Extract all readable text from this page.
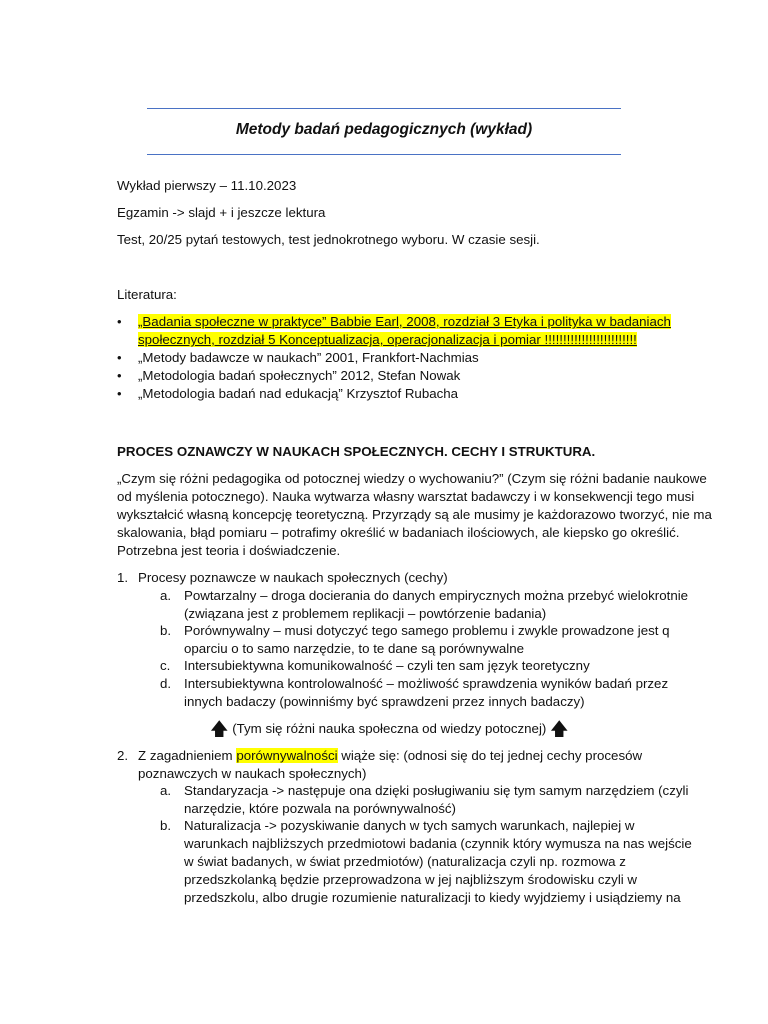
Metody badań pedagogicznych (wykład)
Wykład pierwszy – 11.10.2023
Egzamin -> slajd + i jeszcze lektura
Test, 20/25 pytań testowych, test jednokrotnego wyboru. W czasie sesji.
Literatura:
• „Badania społeczne w praktyce” Babbie Earl, 2008, rozdział 3 Etyka i polityka w badaniach
społecznych, rozdział 5 Konceptualizacja, operacjonalizacja i pomiar !!!!!!!!!!!!!!!!!!!!!!!!!
• „Metody badawcze w naukach” 2001, Frankfort-Nachmias
• „Metodologia badań społecznych” 2012, Stefan Nowak
• „Metodologia badań nad edukacją” Krzysztof Rubacha
PROCES OZNAWCZY W NAUKACH SPOŁECZNYCH. CECHY I STRUKTURA.
„Czym się różni pedagogika od potocznej wiedzy o wychowaniu?” (Czym się różni badanie naukowe
od myślenia potocznego). Nauka wytwarza własny warsztat badawczy i w konsekwencji tego musi
wykształcić własną koncepcję teoretyczną. Przyrządy są ale musimy je każdorazowo tworzyć, nie ma
skalowania, błąd pomiaru – potrafimy określić w badaniach ilościowych, ale kiepsko go określić.
Potrzebna jest teoria i doświadczenie.
1. Procesy poznawcze w naukach społecznych (cechy)
a. Powtarzalny – droga docierania do danych empirycznych można przebyć wielokrotnie
(związana jest z problemem replikacji – powtórzenie badania)
b. Porównywalny – musi dotyczyć tego samego problemu i zwykle prowadzone jest q
oparciu o to samo narzędzie, to te dane są porównywalne
c. Intersubiektywna komunikowalność – czyli ten sam język teoretyczny
d. Intersubiektywna kontrolowalność – możliwość sprawdzenia wyników badań przez
innych badaczy (powinniśmy być sprawdzeni przez innych badaczy)
🡅 (Tym się różni nauka społeczna od wiedzy potocznej) 🡅
2. Z zagadnieniem porównywalności wiąże się: (odnosi się do tej jednej cechy procesów
poznawczych w naukach społecznych)
a. Standaryzacja -> następuje ona dzięki posługiwaniu się tym samym narzędziem (czyli
narzędzie, które pozwala na porównywalność)
b. Naturalizacja -> pozyskiwanie danych w tych samych warunkach, najlepiej w
warunkach najbliższych przedmiotowi badania (czynnik który wymusza na nas wejście
w świat badanych, w świat przedmiotów) (naturalizacja czyli np. rozmowa z
przedszkolanką będzie przeprowadzona w jej najbliższym środowisku czyli w
przedszkolu, albo drugie rozumienie naturalizacji to kiedy wyjdziemy i usiądziemy na
